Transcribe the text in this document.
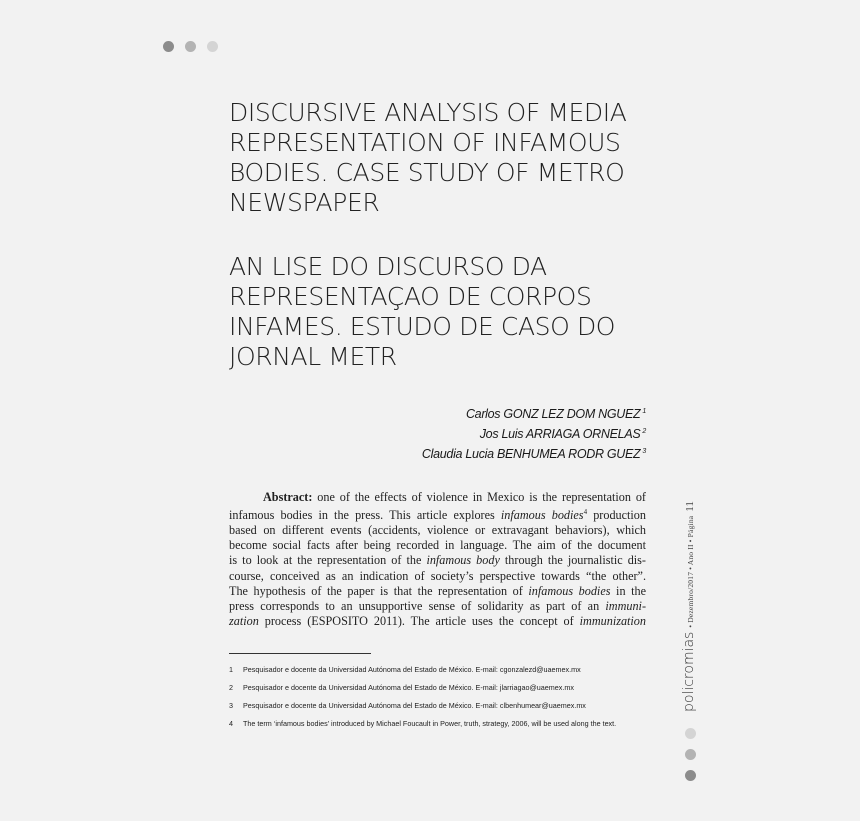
DISCURSIVE ANALYSIS OF MEDIA
REPRESENTATION OF INFAMOUS
BODIES. CASE STUDY OF METRO
NEWSPAPER
AN LISE DO DISCURSO DA
REPRESENTAÇAO DE CORPOS
INFAMES. ESTUDO DE CASO DO
JORNAL METR
Carlos GONZ LEZ DOM NGUEZ $^1$
Jos Luis ARRIAGA ORNELAS $^2$
Claudia Lucia BENHUMEA RODR GUEZ $^3$
Abstract: one of the effects of violence in Mexico is the representation of
infamous bodies in the press. This article explores infamous bodies$^4$ production
based on different events (accidents, violence or extravagant behaviors), which
become social facts after being recorded in language. The aim of the document
is to look at the representation of the infamous body through the journalistic dis-
course, conceived as an indication of society’s perspective towards “the other”.
The hypothesis of the paper is that the representation of infamous bodies in the
press corresponds to an unsupportive sense of solidarity as part of an immuni-
zation process (ESPOSITO 2011). The article uses the concept of immunization
1 Pesquisador e docente da Universidad Autónoma del Estado de México. E-mail: cgonzalezd@uaemex.mx
2 Pesquisador e docente da Universidad Autónoma del Estado de México. E-mail: jlarriagao@uaemex.mx
3 Pesquisador e docente da Universidad Autónoma del Estado de México. E-mail: clbenhumear@uaemex.mx
4 The term ‘infamous bodies’ introduced by Michael Foucault in Power, truth, strategy, 2006, will be used along the text.
policromias
• Dezembro/2017 • Ano II • Página
11
